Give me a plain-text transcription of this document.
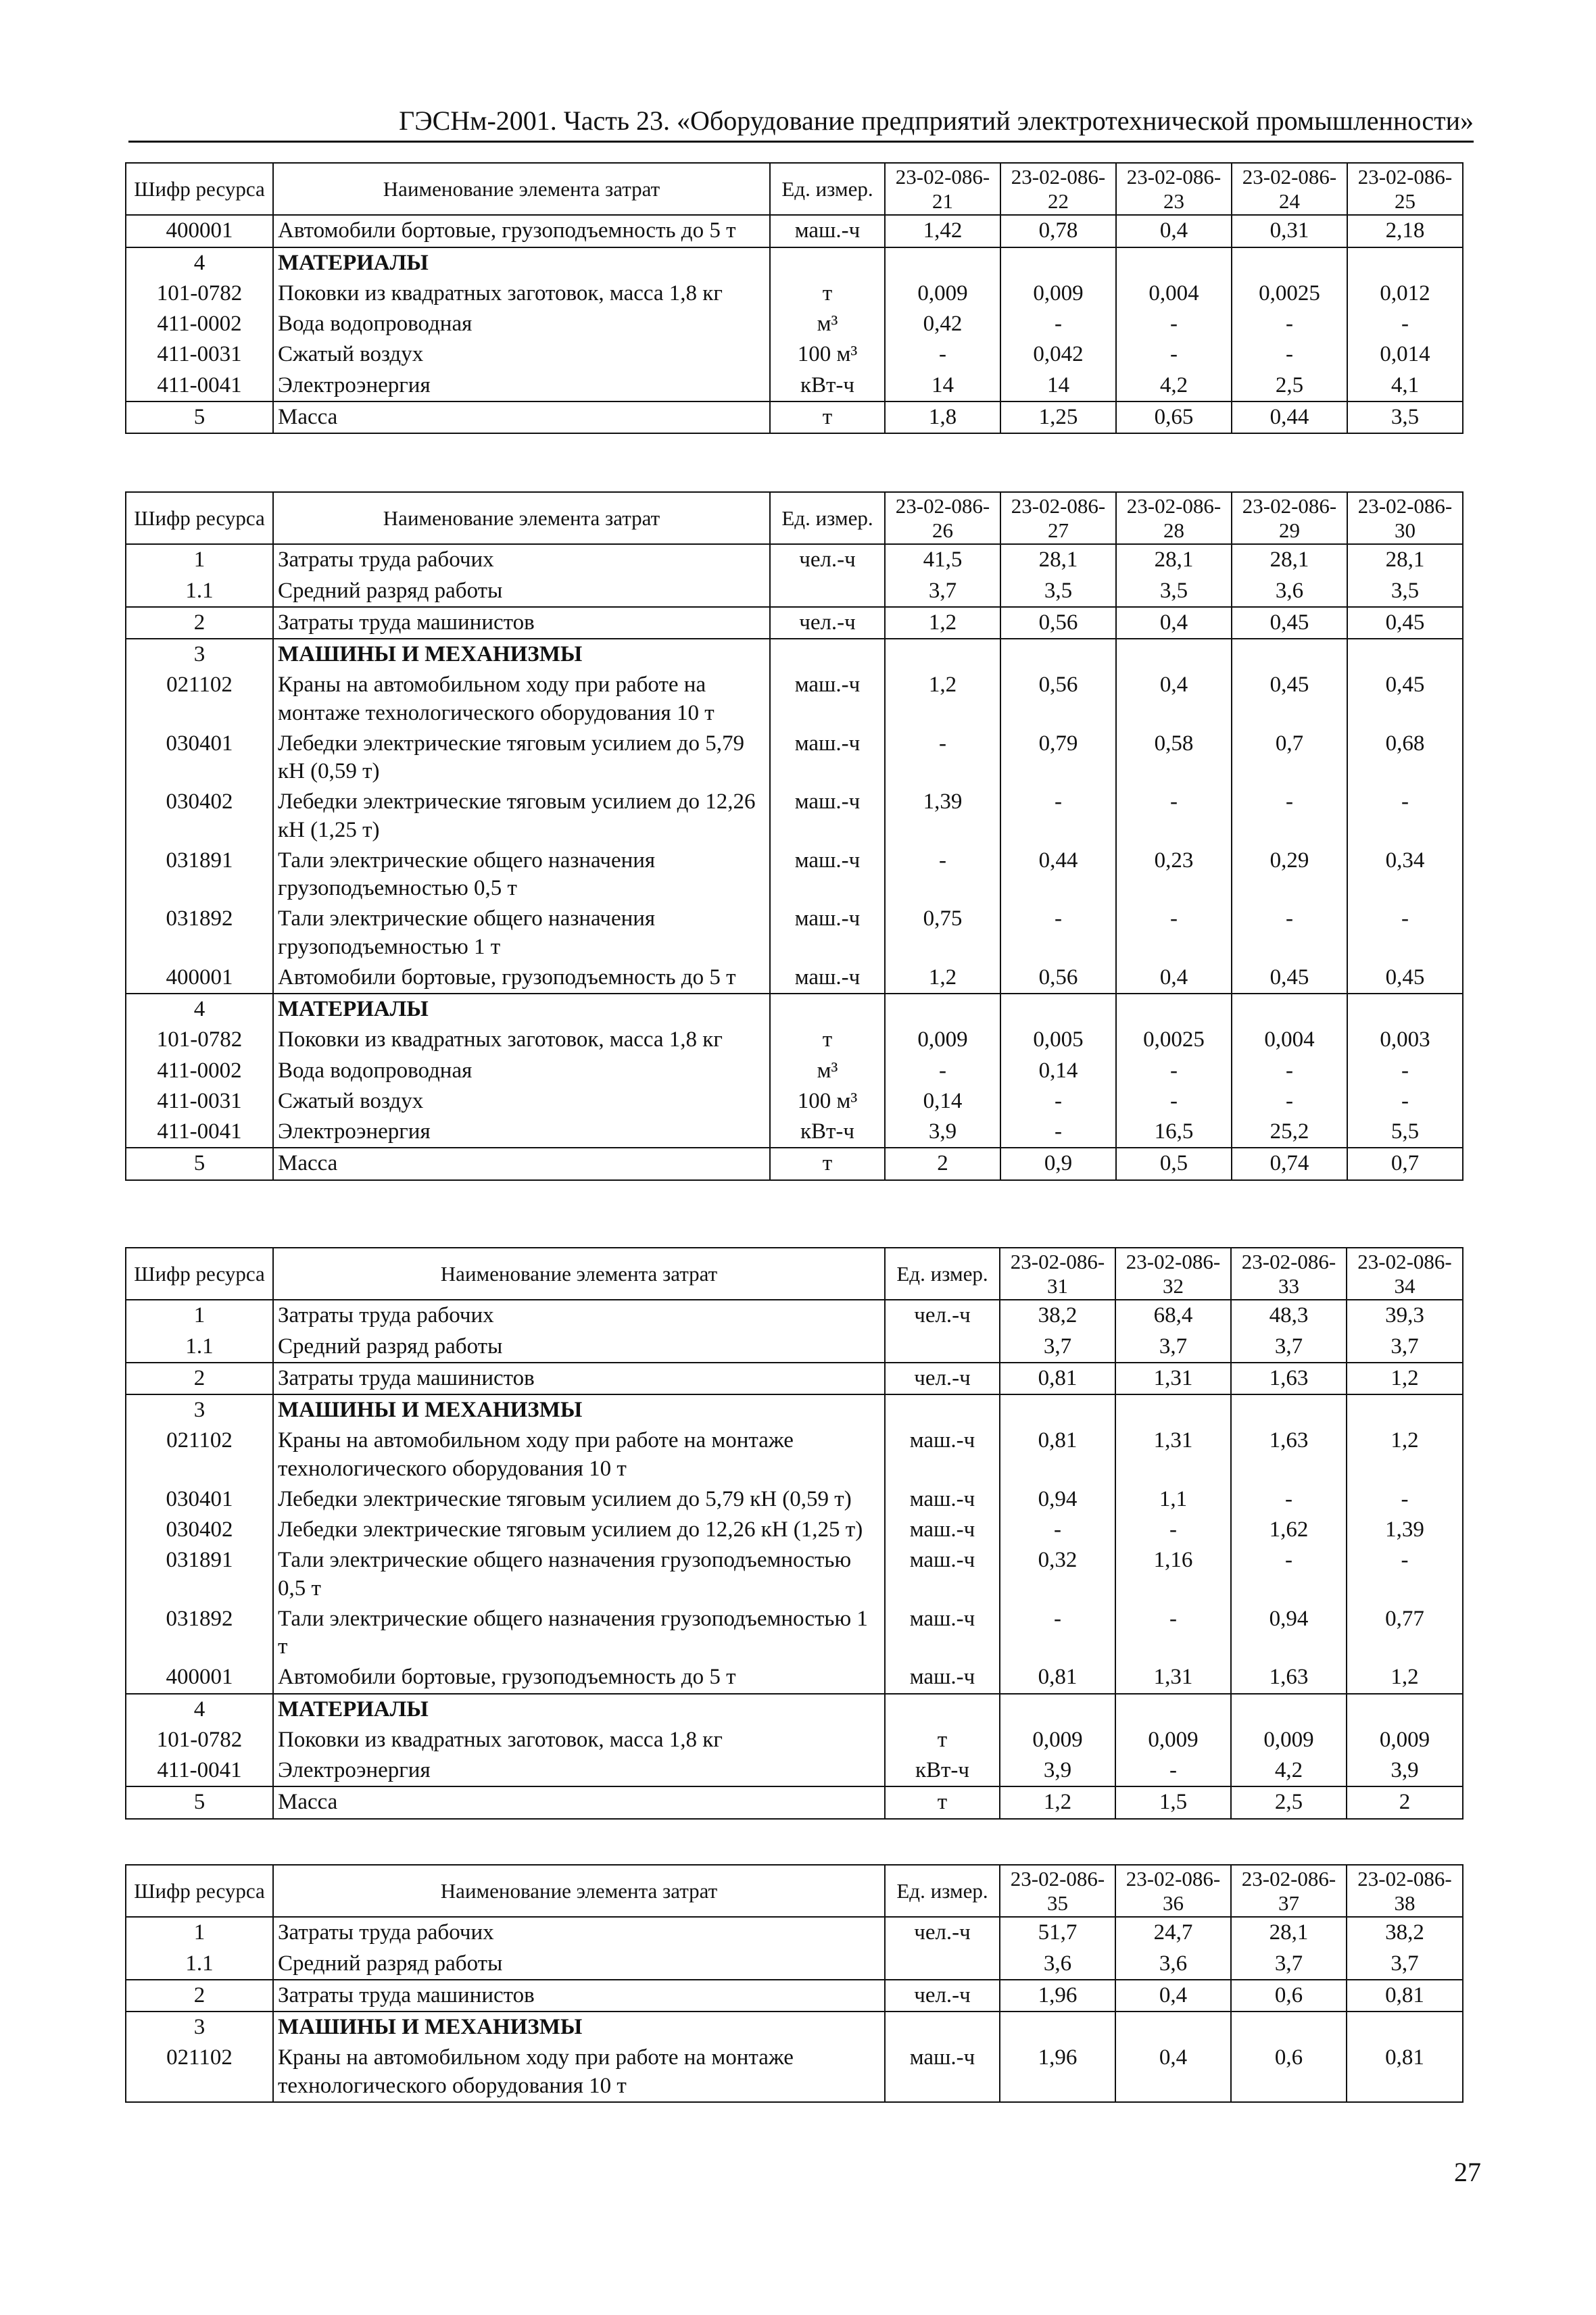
ГЭСНм-2001. Часть 23. «Оборудование предприятий электротехнической промышленности»
Шифр ресурса	Наименование элемента затрат	Ед. измер.	23-02-086-21	23-02-086-22	23-02-086-23	23-02-086-24	23-02-086-25
400001	Автомобили бортовые, грузоподъемность до 5 т	маш.-ч	1,42	0,78	0,4	0,31	2,18
4	МАТЕРИАЛЫ						
101-0782	Поковки из квадратных заготовок, масса 1,8 кг	т	0,009	0,009	0,004	0,0025	0,012
411-0002	Вода водопроводная	м³	0,42	-	-	-	-
411-0031	Сжатый воздух	100 м³	-	0,042	-	-	0,014
411-0041	Электроэнергия	кВт-ч	14	14	4,2	2,5	4,1
5	Масса	т	1,8	1,25	0,65	0,44	3,5
Шифр ресурса	Наименование элемента затрат	Ед. измер.	23-02-086-26	23-02-086-27	23-02-086-28	23-02-086-29	23-02-086-30
1	Затраты труда рабочих	чел.-ч	41,5	28,1	28,1	28,1	28,1
1.1	Средний разряд работы		3,7	3,5	3,5	3,6	3,5
2	Затраты труда машинистов	чел.-ч	1,2	0,56	0,4	0,45	0,45
3	МАШИНЫ И МЕХАНИЗМЫ						
021102	Краны на автомобильном ходу при работе на монтаже технологического оборудования 10 т	маш.-ч	1,2	0,56	0,4	0,45	0,45
030401	Лебедки электрические тяговым усилием до 5,79 кН (0,59 т)	маш.-ч	-	0,79	0,58	0,7	0,68
030402	Лебедки электрические тяговым усилием до 12,26 кН (1,25 т)	маш.-ч	1,39	-	-	-	-
031891	Тали электрические общего назначения грузоподъемностью 0,5 т	маш.-ч	-	0,44	0,23	0,29	0,34
031892	Тали электрические общего назначения грузоподъемностью 1 т	маш.-ч	0,75	-	-	-	-
400001	Автомобили бортовые, грузоподъемность до 5 т	маш.-ч	1,2	0,56	0,4	0,45	0,45
4	МАТЕРИАЛЫ						
101-0782	Поковки из квадратных заготовок, масса 1,8 кг	т	0,009	0,005	0,0025	0,004	0,003
411-0002	Вода водопроводная	м³	-	0,14	-	-	-
411-0031	Сжатый воздух	100 м³	0,14	-	-	-	-
411-0041	Электроэнергия	кВт-ч	3,9	-	16,5	25,2	5,5
5	Масса	т	2	0,9	0,5	0,74	0,7
Шифр ресурса	Наименование элемента затрат	Ед. измер.	23-02-086-31	23-02-086-32	23-02-086-33	23-02-086-34
1	Затраты труда рабочих	чел.-ч	38,2	68,4	48,3	39,3
1.1	Средний разряд работы		3,7	3,7	3,7	3,7
2	Затраты труда машинистов	чел.-ч	0,81	1,31	1,63	1,2
3	МАШИНЫ И МЕХАНИЗМЫ					
021102	Краны на автомобильном ходу при работе на монтаже технологического оборудования 10 т	маш.-ч	0,81	1,31	1,63	1,2
030401	Лебедки электрические тяговым усилием до 5,79 кН (0,59 т)	маш.-ч	0,94	1,1	-	-
030402	Лебедки электрические тяговым усилием до 12,26 кН (1,25 т)	маш.-ч	-	-	1,62	1,39
031891	Тали электрические общего назначения грузоподъемностью 0,5 т	маш.-ч	0,32	1,16	-	-
031892	Тали электрические общего назначения грузоподъемностью 1 т	маш.-ч	-	-	0,94	0,77
400001	Автомобили бортовые, грузоподъемность до 5 т	маш.-ч	0,81	1,31	1,63	1,2
4	МАТЕРИАЛЫ					
101-0782	Поковки из квадратных заготовок, масса 1,8 кг	т	0,009	0,009	0,009	0,009
411-0041	Электроэнергия	кВт-ч	3,9	-	4,2	3,9
5	Масса	т	1,2	1,5	2,5	2
Шифр ресурса	Наименование элемента затрат	Ед. измер.	23-02-086-35	23-02-086-36	23-02-086-37	23-02-086-38
1	Затраты труда рабочих	чел.-ч	51,7	24,7	28,1	38,2
1.1	Средний разряд работы		3,6	3,6	3,7	3,7
2	Затраты труда машинистов	чел.-ч	1,96	0,4	0,6	0,81
3	МАШИНЫ И МЕХАНИЗМЫ					
021102	Краны на автомобильном ходу при работе на монтаже технологического оборудования 10 т	маш.-ч	1,96	0,4	0,6	0,81
27
